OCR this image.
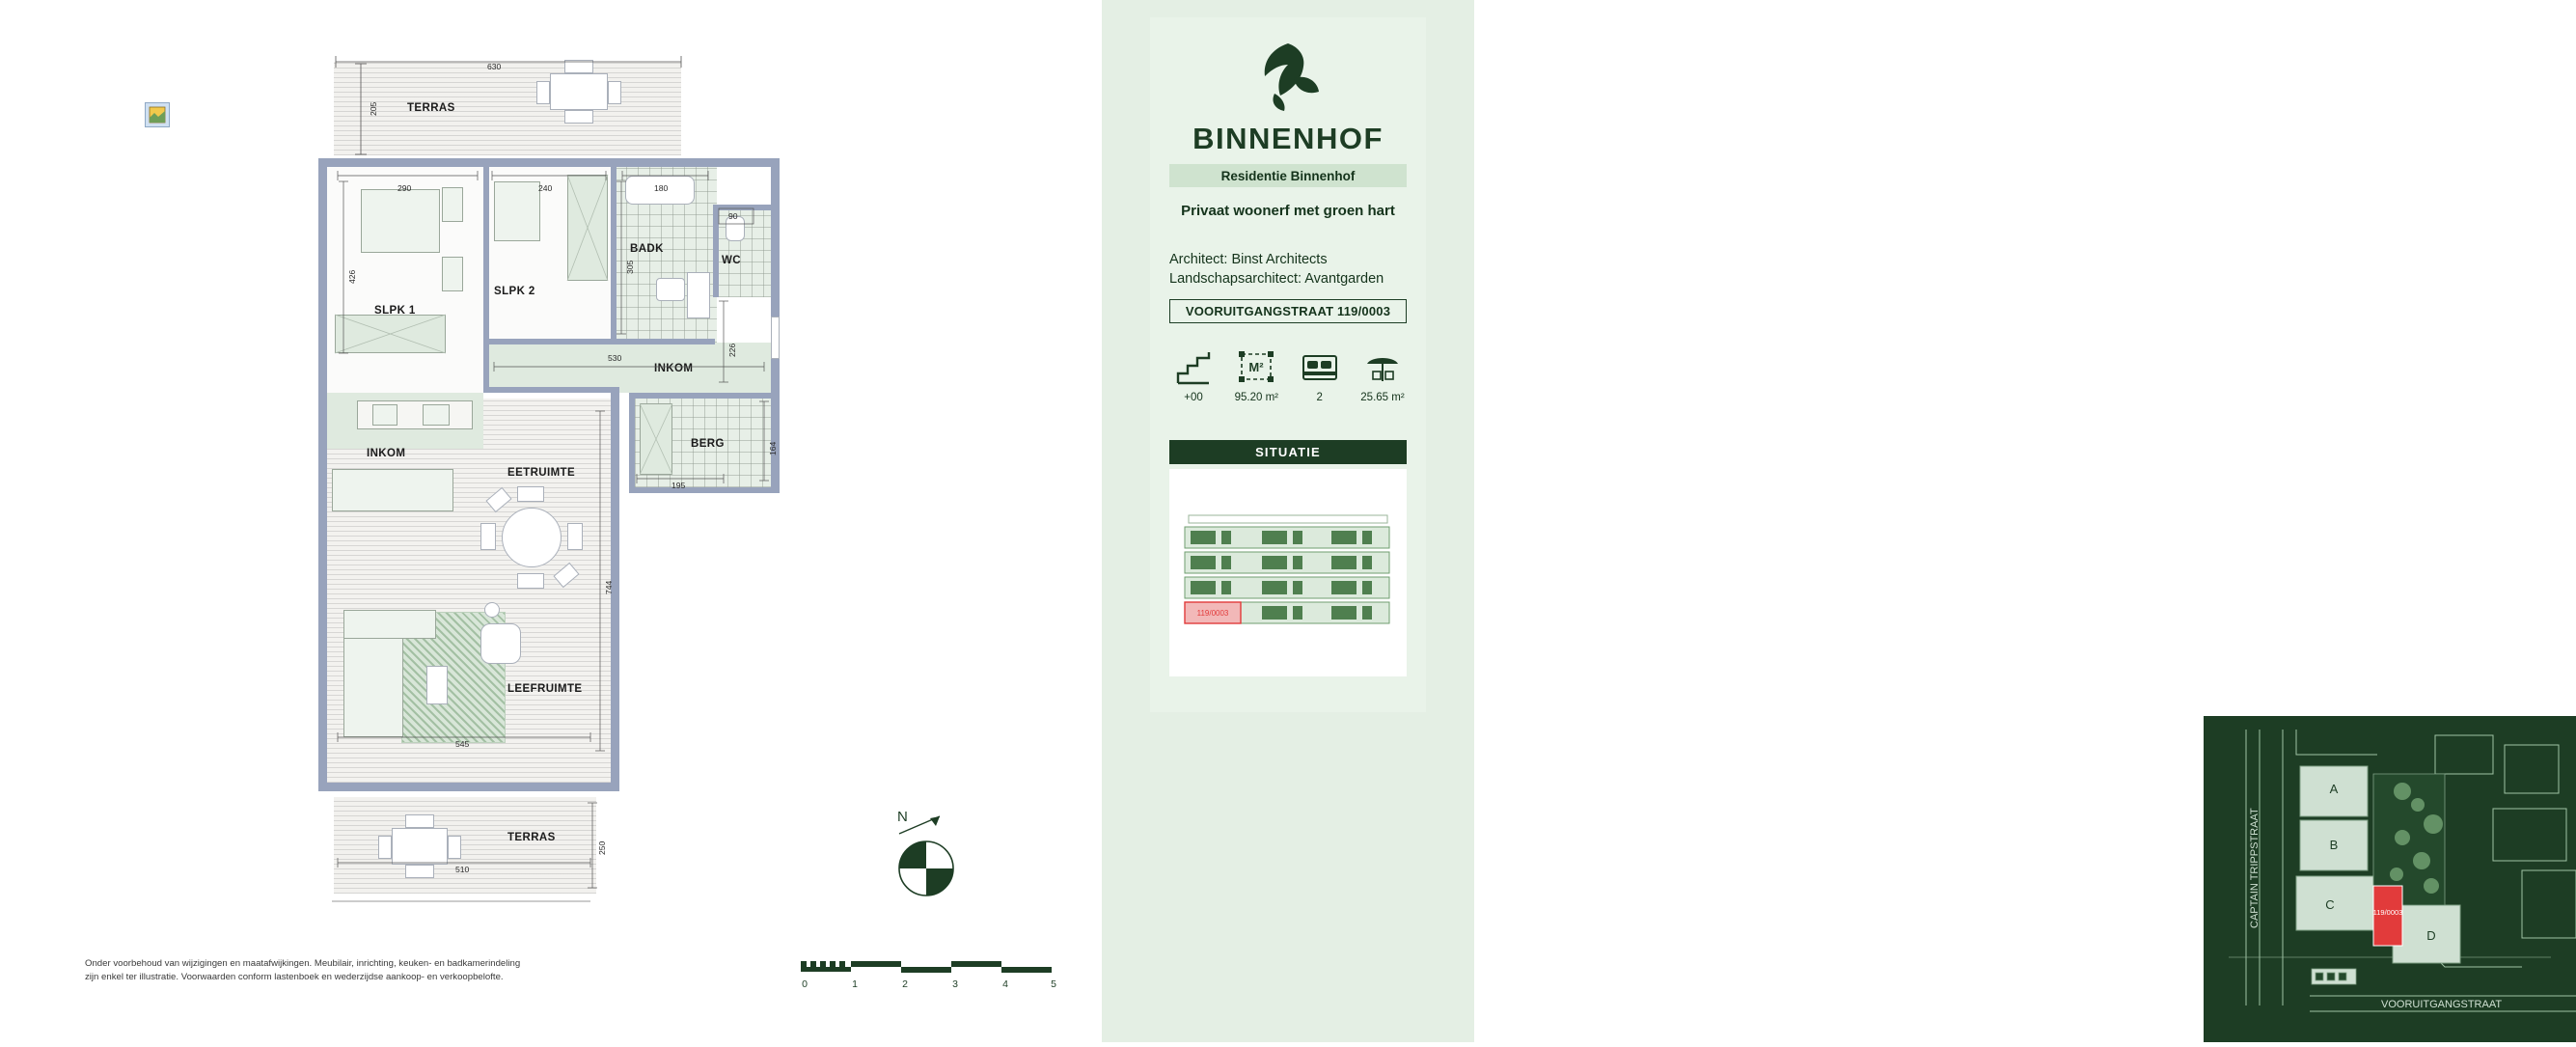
TERRAS
630
205
SLPK 1
SLPK 2
BADK
WC
INKOM
BERG
INKOM
EETRUIMTE
LEEFRUIMTE
TERRAS
290	240	180
90
426
305
226
530
195
164
744
545
510
250
BINNENHOF
Residentie Binnenhof
Privaat woonerf met groen hart
Architect: Binst Architects
Landschapsarchitect: Avantgarden
VOORUITGANGSTRAAT 119/0003
+00
M²
95.20 m²	2	25.65 m²
SITUATIE
119/0003
119/0003
A
B
C
D
CAPTAIN TRIPPSTRAAT
VOORUITGANGSTRAAT
N
0	1	2	3	4	5
Onder voorbehoud van wijzigingen en maatafwijkingen. Meubilair, inrichting, keuken- en badkamerindeling
zijn enkel ter illustratie. Voorwaarden conform lastenboek en wederzijdse aankoop- en verkoopbelofte.
